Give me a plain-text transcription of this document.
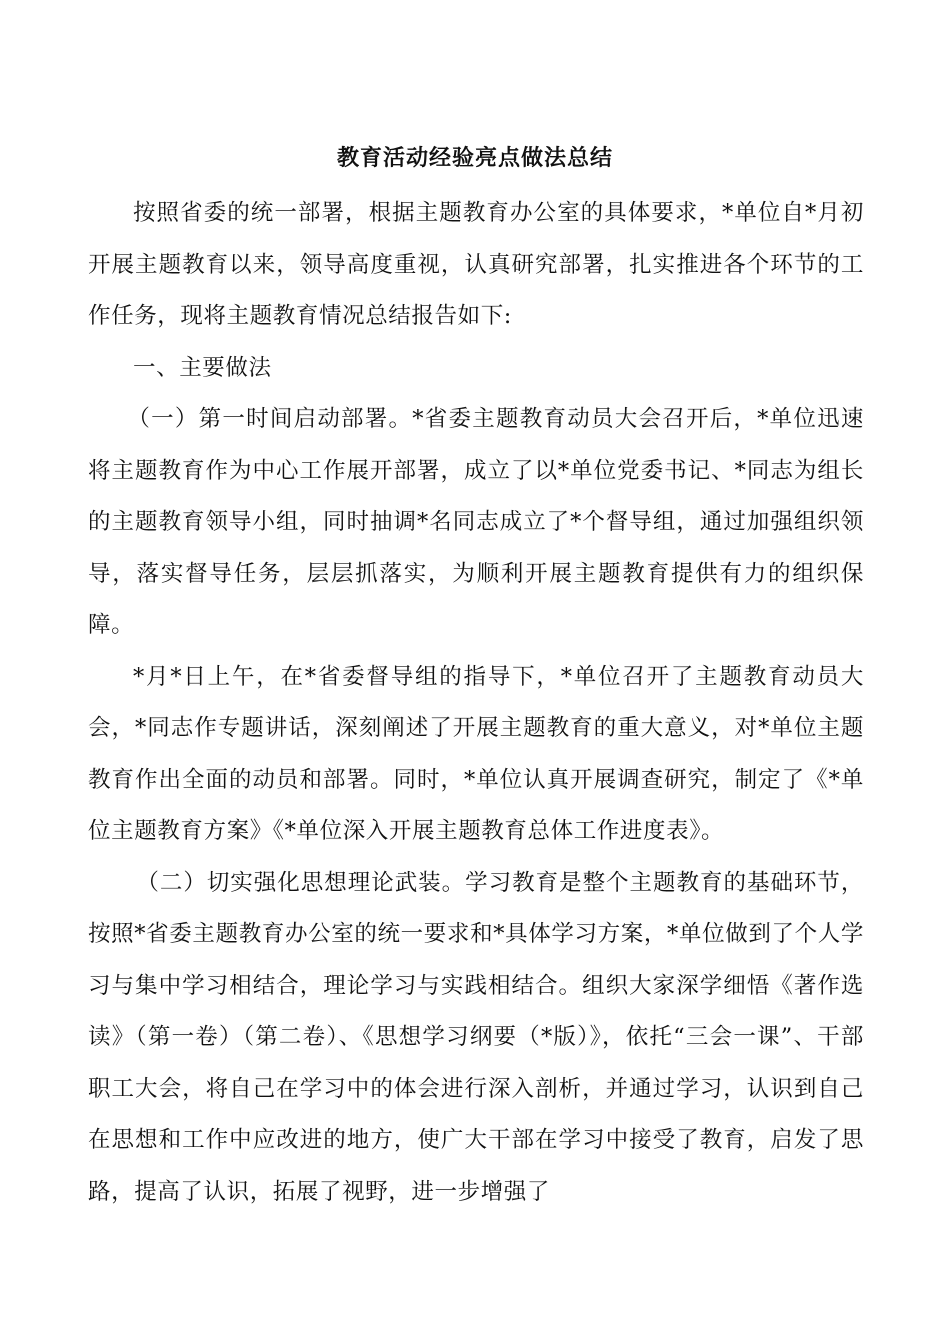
教育活动经验亮点做法总结

按照省委的统一部署，根据主题教育办公室的具体要求，*单位自*月初开展主题教育以来，领导高度重视，认真研究部署，扎实推进各个环节的工作任务，现将主题教育情况总结报告如下:

一、主要做法

（一）第一时间启动部署。*省委主题教育动员大会召开后，*单位迅速将主题教育作为中心工作展开部署，成立了以*单位党委书记、*同志为组长的主题教育领导小组，同时抽调*名同志成立了*个督导组，通过加强组织领导，落实督导任务，层层抓落实，为顺利开展主题教育提供有力的组织保障。

*月*日上午，在*省委督导组的指导下，*单位召开了主题教育动员大会，*同志作专题讲话，深刻阐述了开展主题教育的重大意义，对*单位主题教育作出全面的动员和部署。同时，*单位认真开展调查研究，制定了《*单位主题教育方案》《*单位深入开展主题教育总体工作进度表》。

（二）切实强化思想理论武装。学习教育是整个主题教育的基础环节，按照*省委主题教育办公室的统一要求和*具体学习方案，*单位做到了个人学习与集中学习相结合，理论学习与实践相结合。组织大家深学细悟《著作选读》（第一卷）（第二卷）、《思想学习纲要（*版）》，依托“三会一课”、干部职工大会，将自己在学习中的体会进行深入剖析，并通过学习，认识到自己在思想和工作中应改进的地方，使广大干部在学习中接受了教育，启发了思路，提高了认识，拓展了视野，进一步增强了
